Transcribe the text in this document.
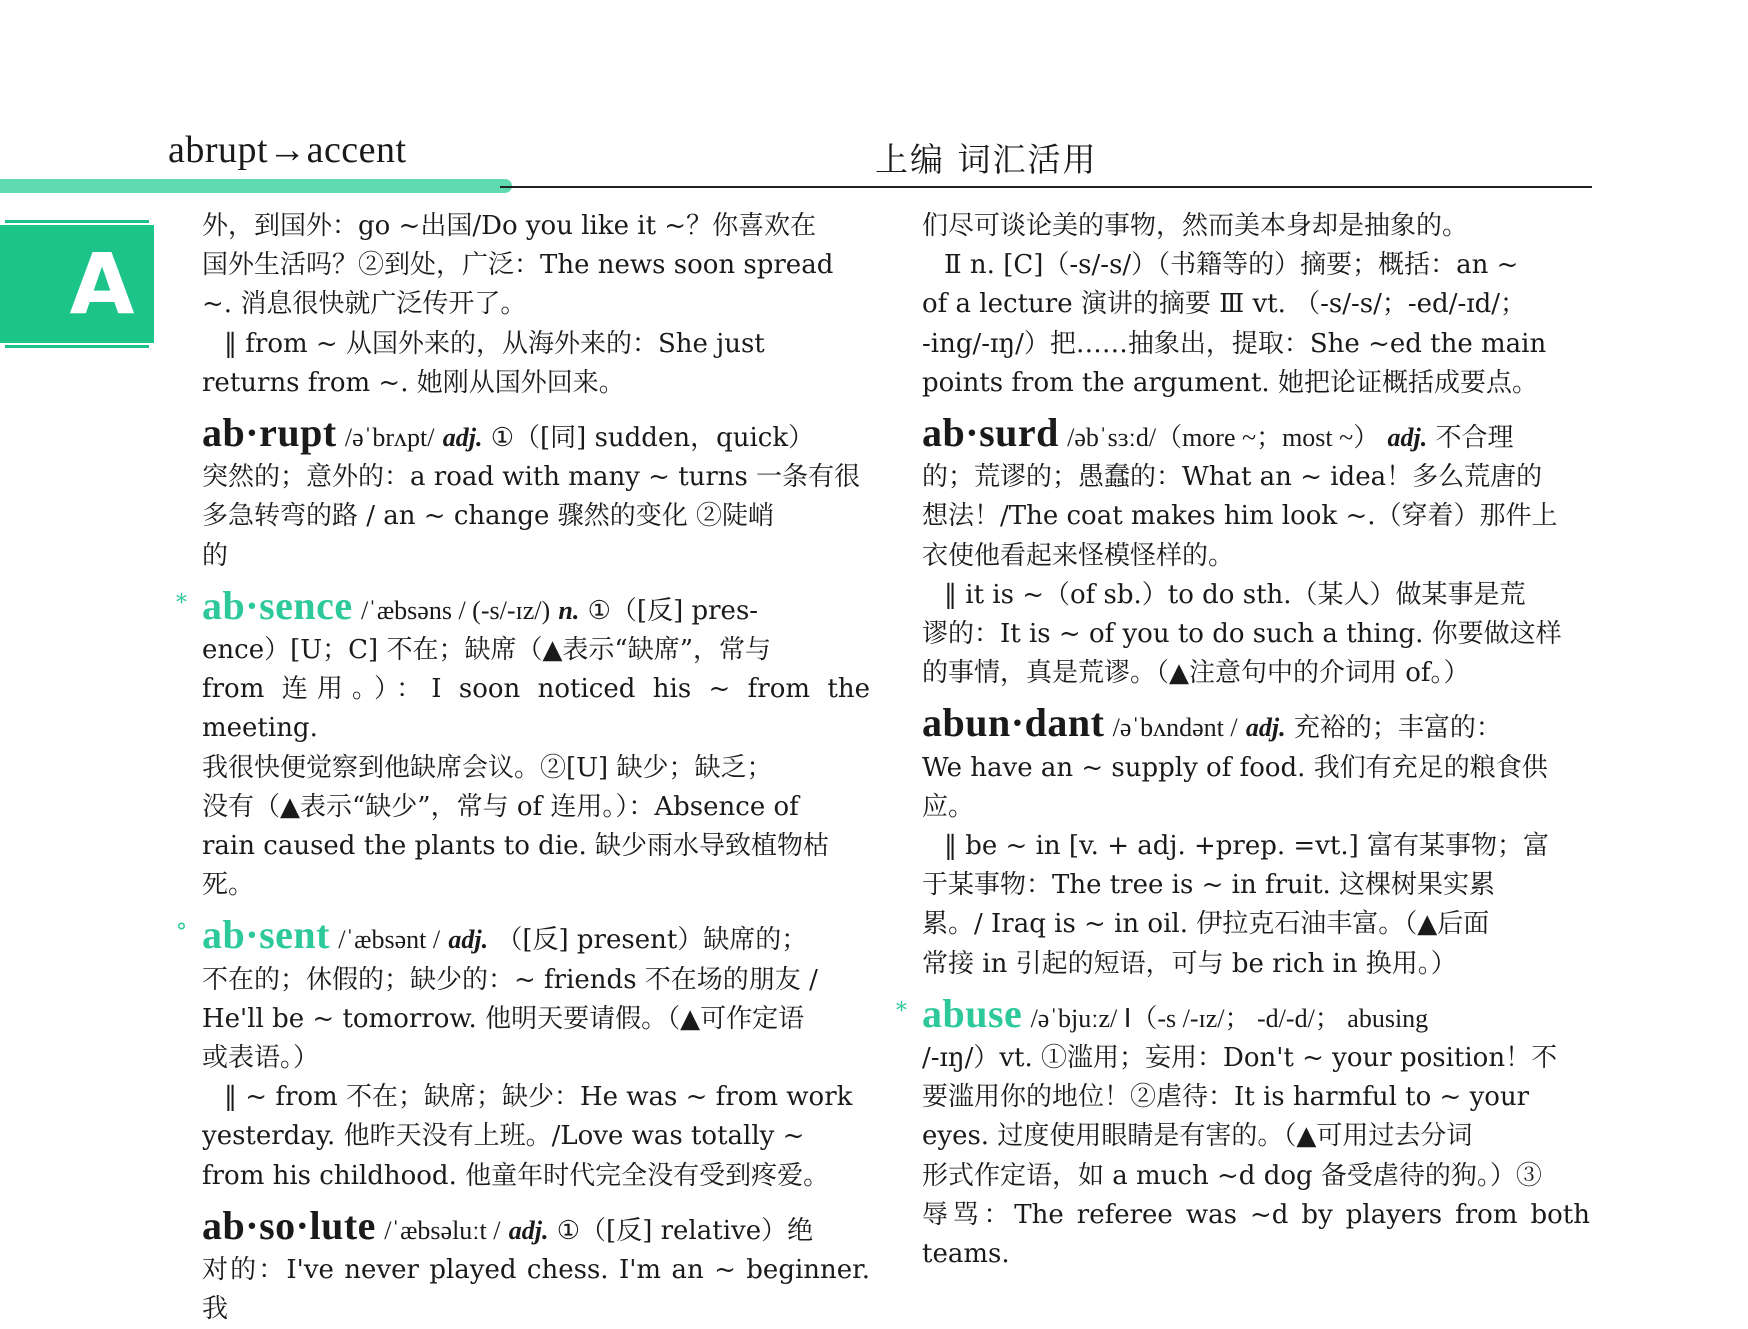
abrupt→accent	上编 词汇活用
A
外，到国外：go ~出国/Do you like it ~？你喜欢在
国外生活吗？②到处，广泛：The news soon spread
~. 消息很快就广泛传开了。
‖ from ~ 从国外来的，从海外来的：She just
returns from ~. 她刚从国外回来。
ab·rupt /əˈbrʌpt/ adj. ①（[同] sudden，quick）
突然的；意外的：a road with many ~ turns 一条有很
多急转弯的路 / an ~ change 骤然的变化 ②陡峭
的
* ab·sence /ˈæbsəns / (-s/-ɪz/) n. ①（[反] pres-
ence）[U；C] 不在；缺席（▲表示“缺席”，常与
from 连用。）：I soon noticed his ~ from the meeting.
我很快便觉察到他缺席会议。②[U] 缺少；缺乏；
没有（▲表示“缺少”，常与 of 连用。）：Absence of
rain caused the plants to die. 缺少雨水导致植物枯
死。
° ab·sent /ˈæbsənt / adj. （[反] present）缺席的；
不在的；休假的；缺少的：~ friends 不在场的朋友 /
He'll be ~ tomorrow. 他明天要请假。（▲可作定语
或表语。）
‖ ~ from 不在；缺席；缺少：He was ~ from work
yesterday. 他昨天没有上班。/Love was totally ~
from his childhood. 他童年时代完全没有受到疼爱。
ab·so·lute /ˈæbsəluːt / adj. ①（[反] relative）绝
对的：I've never played chess. I'm an ~ beginner. 我
们尽可谈论美的事物，然而美本身却是抽象的。
Ⅱ n. [C]（-s/-s/）（书籍等的）摘要；概括：an ~
of a lecture 演讲的摘要 Ⅲ vt. （-s/-s/；-ed/-ɪd/；
-ing/-ɪŋ/）把……抽象出，提取：She ~ed the main
points from the argument. 她把论证概括成要点。
ab·surd /əbˈsɜːd/（more ~；most ~） adj. 不合理
的；荒谬的；愚蠢的：What an ~ idea！多么荒唐的
想法！/The coat makes him look ~.（穿着）那件上
衣使他看起来怪模怪样的。
‖ it is ~（of sb.）to do sth.（某人）做某事是荒
谬的：It is ~ of you to do such a thing. 你要做这样
的事情，真是荒谬。（▲注意句中的介词用 of。）
abun·dant /əˈbʌndənt / adj. 充裕的；丰富的：
We have an ~ supply of food. 我们有充足的粮食供
应。
‖ be ~ in [v. + adj. +prep. =vt.] 富有某事物；富
于某事物：The tree is ~ in fruit. 这棵树果实累
累。/ Iraq is ~ in oil. 伊拉克石油丰富。（▲后面
常接 in 引起的短语，可与 be rich in 换用。）
* abuse /əˈbjuːz/ Ⅰ（-s /-ɪz/； -d/-d/； abusing
/-ɪŋ/）vt. ①滥用；妄用：Don't ~ your position！不
要滥用你的地位！②虐待：It is harmful to ~ your
eyes. 过度使用眼睛是有害的。（▲可用过去分词
形式作定语，如 a much ~d dog 备受虐待的狗。）③
辱骂：The referee was ~d by players from both teams.
